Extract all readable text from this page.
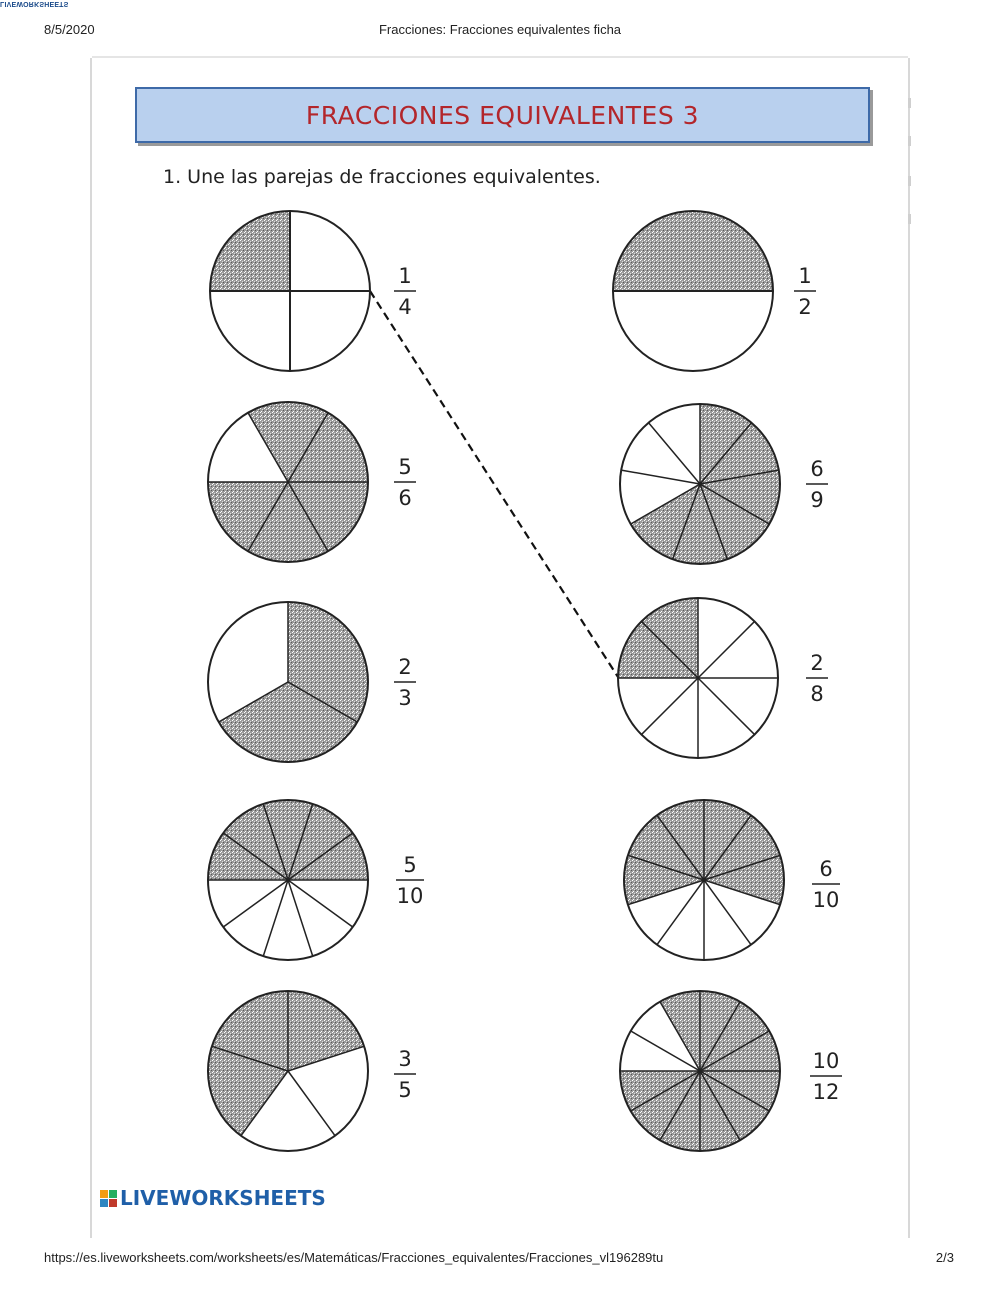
LIVEWORKSHEETS
8/5/2020	Fracciones: Fracciones equivalentes ficha
FRACCIONES EQUIVALENTES 3
1. Une las parejas de fracciones equivalentes.
1
4
5
6
2
3
5
10
3
5
1
2
6
9
2
8
6
10
10
12
LIVEWORKSHEETS
https://es.liveworksheets.com/worksheets/es/Matemáticas/Fracciones_equivalentes/Fracciones_vl196289tu	2/3
